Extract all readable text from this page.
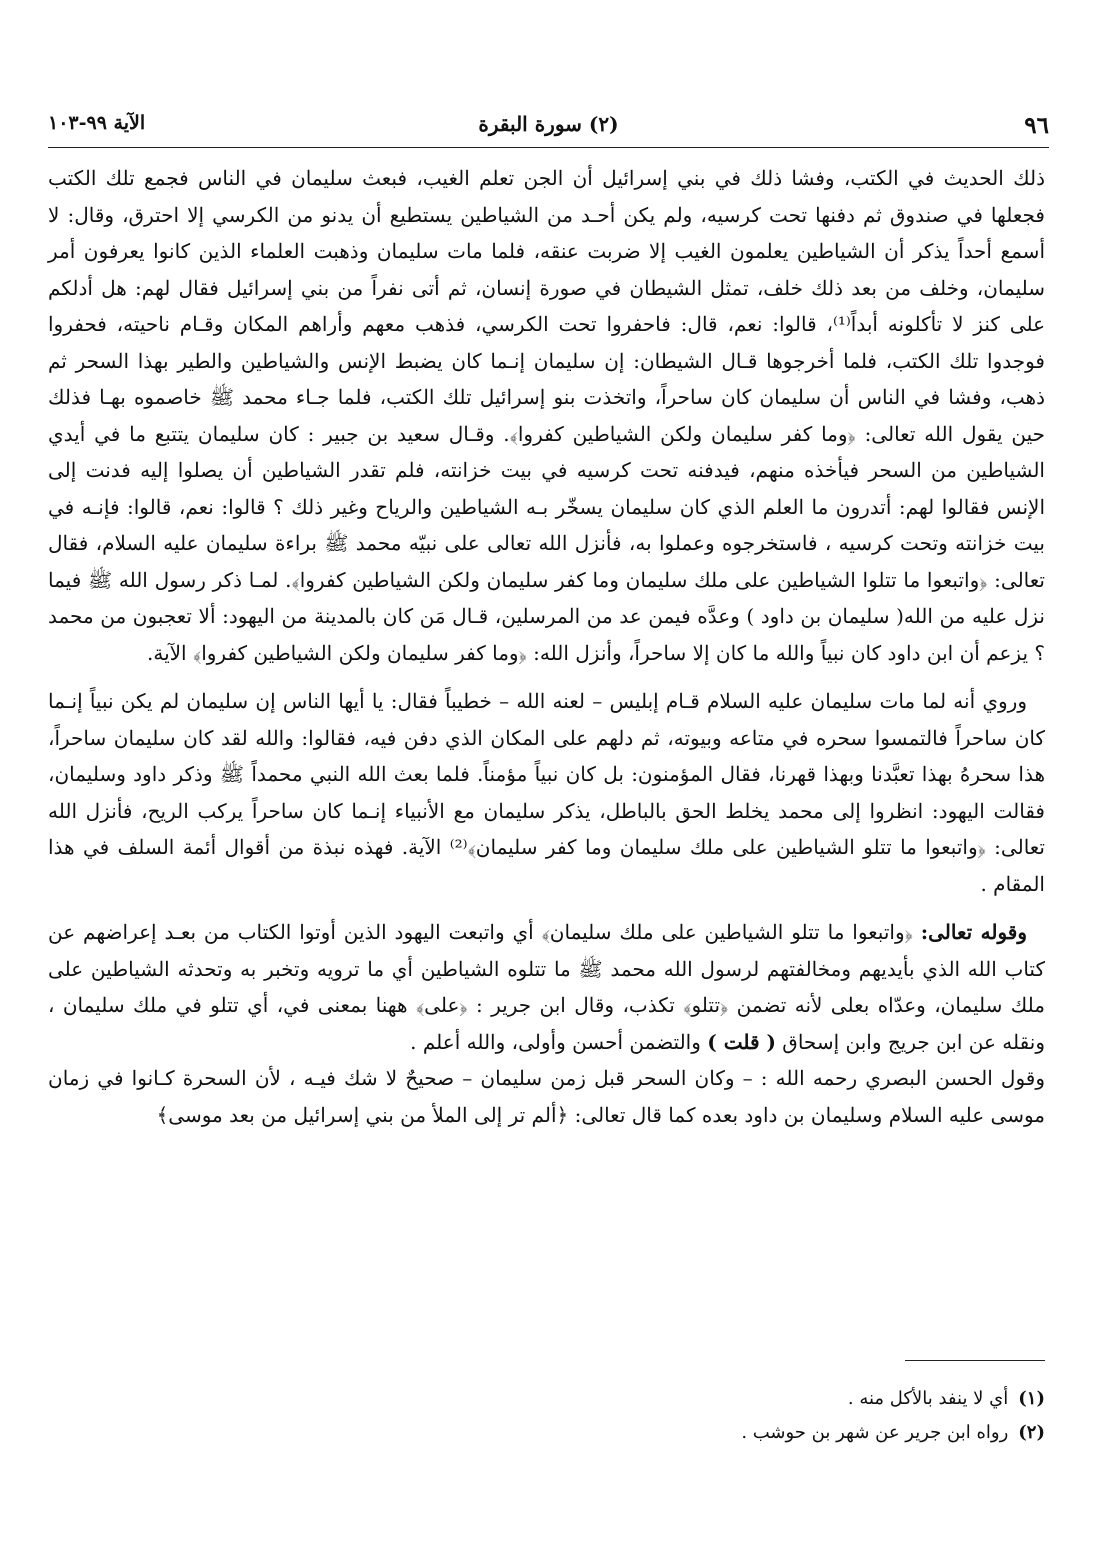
٩٦
(٢) سورة البقرة
الآية ٩٩-١٠٣

ذلك الحديث في الكتب، وفشا ذلك في بني إسرائيل أن الجن تعلم الغيب، فبعث سليمان في الناس فجمع تلك الكتب فجعلها في صندوق ثم دفنها تحت كرسيه، ولم يكن أحـد من الشياطين يستطيع أن يدنو من الكرسي إلا احترق، وقال: لا أسمع أحداً يذكر أن الشياطين يعلمون الغيب إلا ضربت عنقه، فلما مات سليمان وذهبت العلماء الذين كانوا يعرفون أمر سليمان، وخلف من بعد ذلك خلف، تمثل الشيطان في صورة إنسان، ثم أتى نفراً من بني إسرائيل فقال لهم: هل أدلكم على كنز لا تأكلونه أبداً⁽¹⁾، قالوا: نعم، قال: فاحفروا تحت الكرسي، فذهب معهم وأراهم المكان وقـام ناحيته، فحفروا فوجدوا تلك الكتب، فلما أخرجوها قـال الشيطان: إن سليمان إنـما كان يضبط الإنس والشياطين والطير بهذا السحر ثم ذهب، وفشا في الناس أن سليمان كان ساحراً، واتخذت بنو إسرائيل تلك الكتب، فلما جـاء محمد ﷺ خاصموه بهـا فذلك حين يقول الله تعالى: ﴿وما كفر سليمان ولكن الشياطين كفروا﴾. وقـال سعيد بن جبير : كان سليمان يتتبع ما في أيدي الشياطين من السحر فيأخذه منهم، فيدفنه تحت كرسيه في بيت خزانته، فلم تقدر الشياطين أن يصلوا إليه فدنت إلى الإنس فقالوا لهم: أتدرون ما العلم الذي كان سليمان يسخّر بـه الشياطين والرياح وغير ذلك ؟ قالوا: نعم، قالوا: فإنـه في بيت خزانته وتحت كرسيه ، فاستخرجوه وعملوا به، فأنزل الله تعالى على نبيّه محمد ﷺ براءة سليمان عليه السلام، فقال تعالى: ﴿واتبعوا ما تتلوا الشياطين على ملك سليمان وما كفر سليمان ولكن الشياطين كفروا﴾. لمـا ذكر رسول الله ﷺ فيما نزل عليه من الله( سليمان بن داود ) وعدَّه فيمن عد من المرسلين، قـال مَن كان بالمدينة من اليهود: ألا تعجبون من محمد ؟ يزعم أن ابن داود كان نبياً والله ما كان إلا ساحراً، وأنزل الله: ﴿وما كفر سليمان ولكن الشياطين كفروا﴾ الآية.

وروي أنه لما مات سليمان عليه السلام قـام إبليس – لعنه الله – خطيباً فقال: يا أيها الناس إن سليمان لم يكن نبياً إنـما كان ساحراً فالتمسوا سحره في متاعه وبيوته، ثم دلهم على المكان الذي دفن فيه، فقالوا: والله لقد كان سليمان ساحراً، هذا سحرهُ بهذا تعبَّدنا وبهذا قهرنا، فقال المؤمنون: بل كان نبياً مؤمناً. فلما بعث الله النبي محمداً ﷺ وذكر داود وسليمان، فقالت اليهود: انظروا إلى محمد يخلط الحق بالباطل، يذكر سليمان مع الأنبياء إنـما كان ساحراً يركب الريح، فأنزل الله تعالى: ﴿واتبعوا ما تتلو الشياطين على ملك سليمان وما كفر سليمان﴾⁽²⁾ الآية. فهذه نبذة من أقوال أئمة السلف في هذا المقام .

وقوله تعالى: ﴿واتبعوا ما تتلو الشياطين على ملك سليمان﴾ أي واتبعت اليهود الذين أوتوا الكتاب من بعـد إعراضهم عن كتاب الله الذي بأيديهم ومخالفتهم لرسول الله محمد ﷺ ما تتلوه الشياطين أي ما ترويه وتخبر به وتحدثه الشياطين على ملك سليمان، وعدّاه بعلى لأنه تضمن ﴿تتلو﴾ تكذب، وقال ابن جرير : ﴿على﴾ ههنا بمعنى في، أي تتلو في ملك سليمان ، ونقله عن ابن جريج وابن إسحاق ( قلت ) والتضمن أحسن وأولى، والله أعلم .

وقول الحسن البصري رحمه الله : – وكان السحر قبل زمن سليمان – صحيحٌ لا شك فيـه ، لأن السحرة كـانوا في زمان موسى عليه السلام وسليمان بن داود بعده كما قال تعالى: ﴿ألم تر إلى الملأ من بني إسرائيل من بعد موسى﴾

(١)أي لا ينفد بالأكل منه .
(٢)رواه ابن جرير عن شهر بن حوشب .
